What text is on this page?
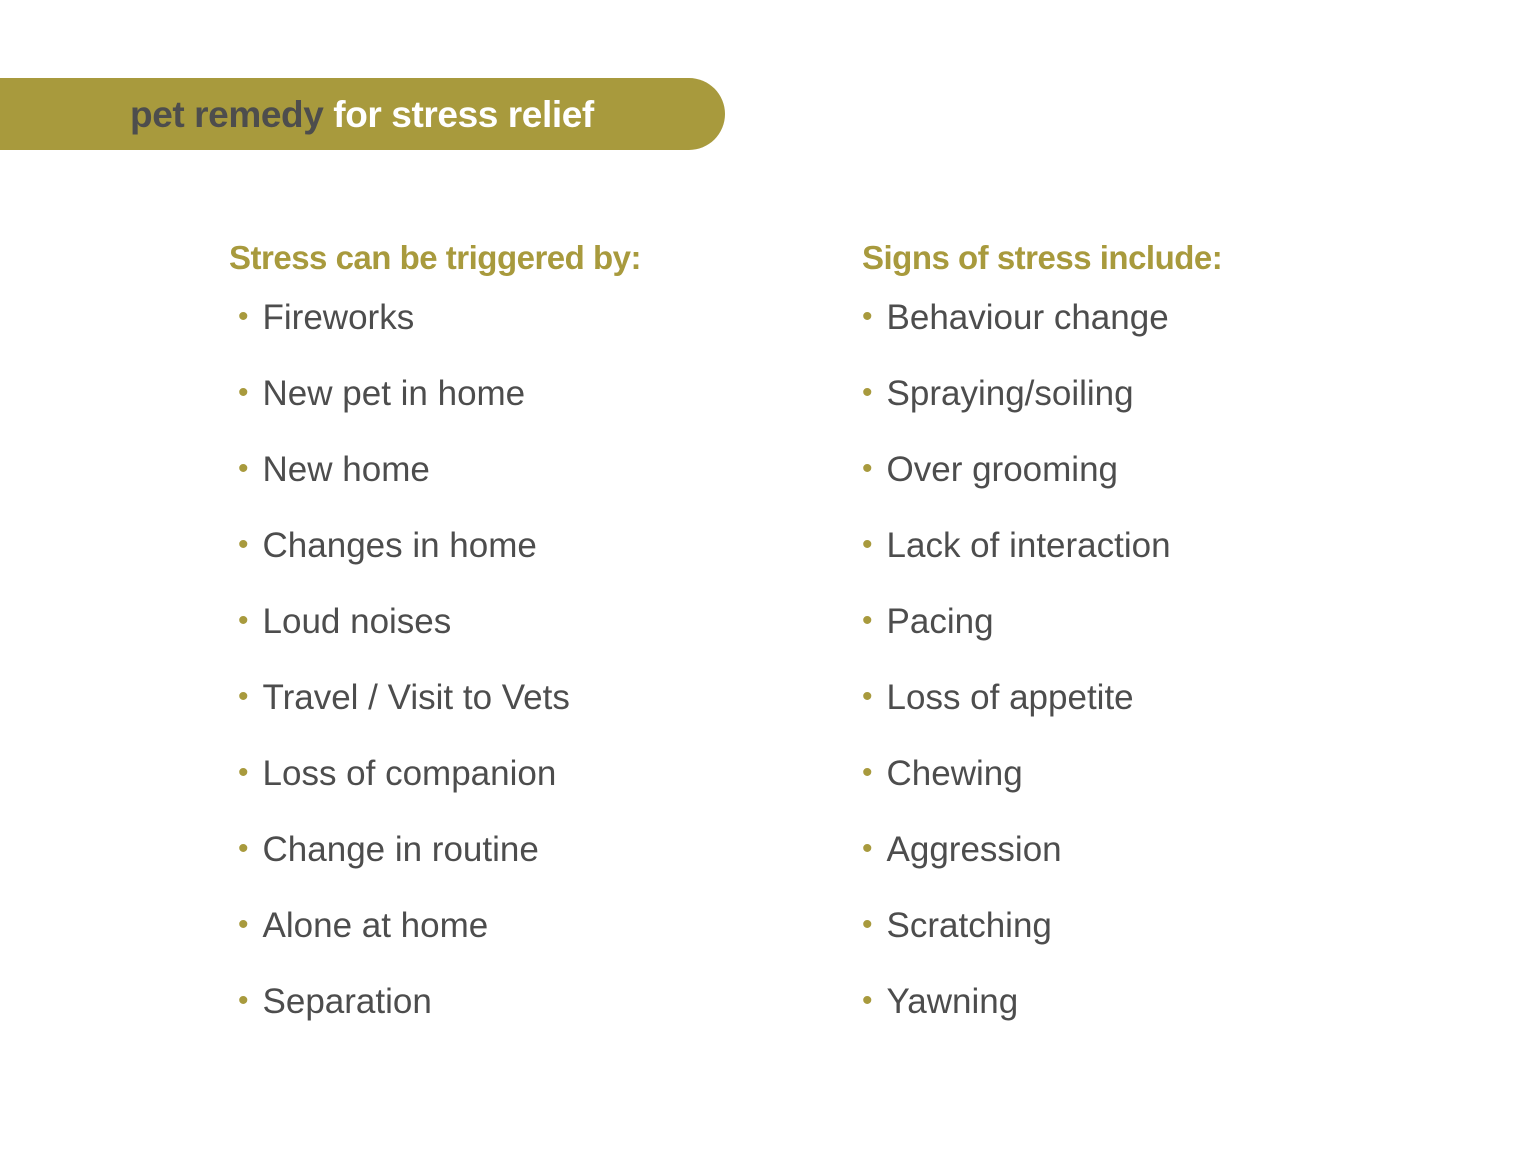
pet remedy for stress relief
Stress can be triggered by:
• Fireworks
• New pet in home
• New home
• Changes in home
• Loud noises
• Travel / Visit to Vets
• Loss of companion
• Change in routine
• Alone at home
• Separation
Signs of stress include:
• Behaviour change
• Spraying/soiling
• Over grooming
• Lack of interaction
• Pacing
• Loss of appetite
• Chewing
• Aggression
• Scratching
• Yawning
